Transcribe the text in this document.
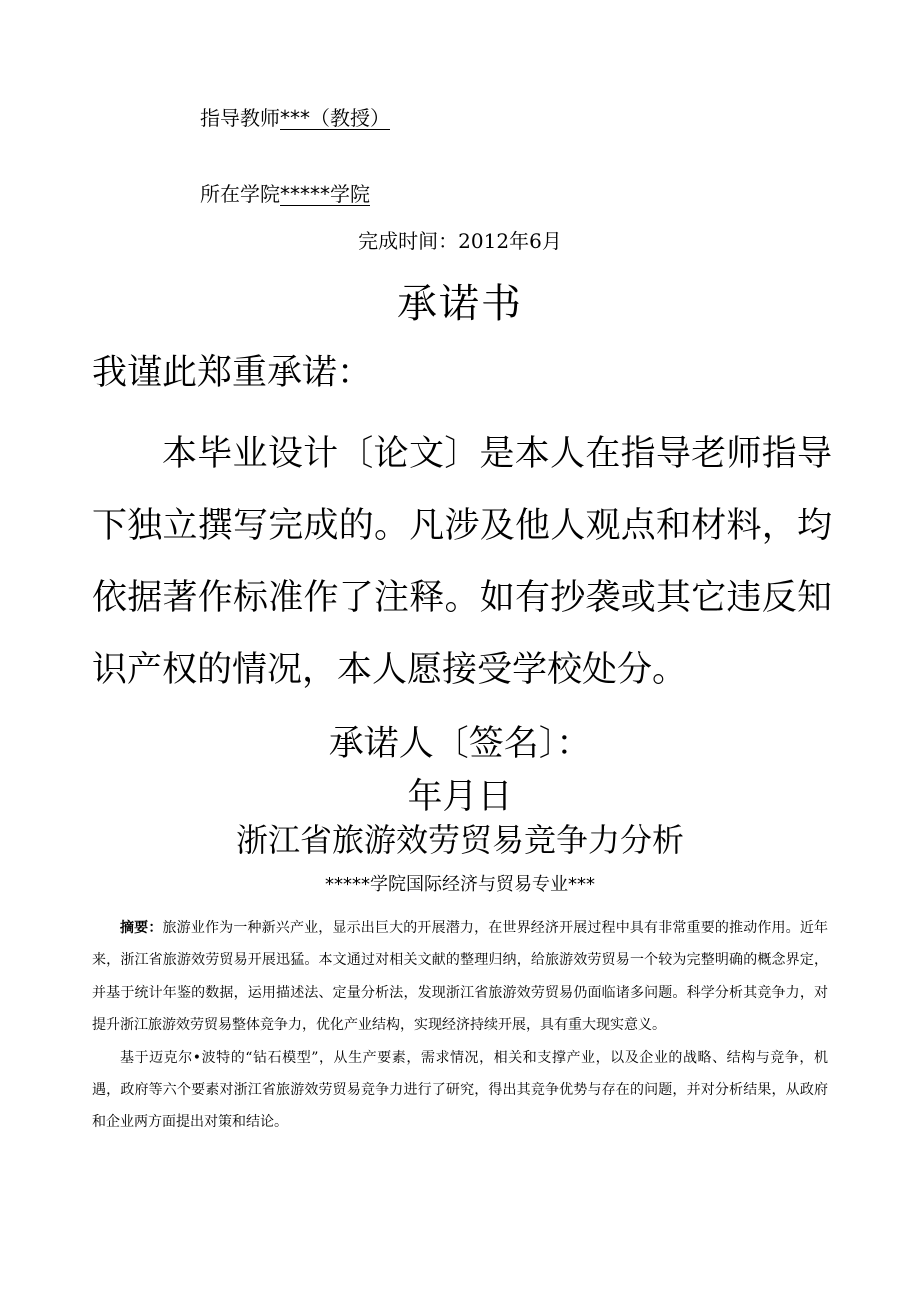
指导教师***（教授）
所在学院*****学院
完成时间：2012年6月
承诺书
我谨此郑重承诺：

本毕业设计〔论文〕是本人在指导老师指导下独立撰写完成的。凡涉及他人观点和材料，均依据著作标准作了注释。如有抄袭或其它违反知识产权的情况，本人愿接受学校处分。

承诺人〔签名〕：
年月日
浙江省旅游效劳贸易竞争力分析
*****学院国际经济与贸易专业***

摘要：旅游业作为一种新兴产业，显示出巨大的开展潜力，在世界经济开展过程中具有非常重要的推动作用。近年来，浙江省旅游效劳贸易开展迅猛。本文通过对相关文献的整理归纳，给旅游效劳贸易一个较为完整明确的概念界定，并基于统计年鉴的数据，运用描述法、定量分析法，发现浙江省旅游效劳贸易仍面临诸多问题。科学分析其竞争力，对提升浙江旅游效劳贸易整体竞争力，优化产业结构，实现经济持续开展，具有重大现实意义。

基于迈克尔•波特的“钻石模型”，从生产要素，需求情况，相关和支撑产业，以及企业的战略、结构与竞争，机遇，政府等六个要素对浙江省旅游效劳贸易竞争力进行了研究，得出其竞争优势与存在的问题，并对分析结果，从政府和企业两方面提出对策和结论。
